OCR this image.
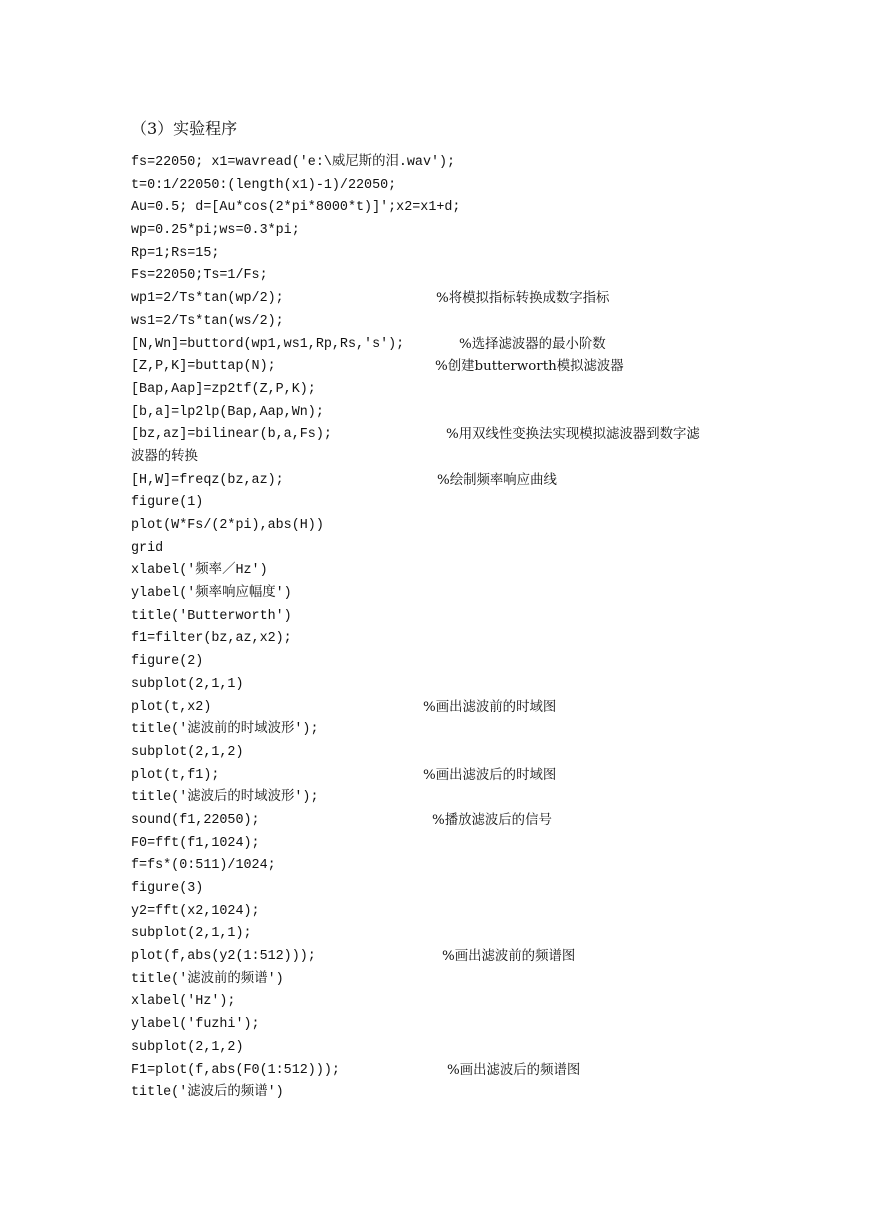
（3）实验程序
fs=22050; x1=wavread('e:\威尼斯的泪.wav');
t=0:1/22050:(length(x1)-1)/22050;
Au=0.5; d=[Au*cos(2*pi*8000*t)]';x2=x1+d;
wp=0.25*pi;ws=0.3*pi;
Rp=1;Rs=15;
Fs=22050;Ts=1/Fs;
wp1=2/Ts*tan(wp/2);	%将模拟指标转换成数字指标
ws1=2/Ts*tan(ws/2);
[N,Wn]=buttord(wp1,ws1,Rp,Rs,'s');	%选择滤波器的最小阶数
[Z,P,K]=buttap(N);	%创建butterworth模拟滤波器
[Bap,Aap]=zp2tf(Z,P,K);
[b,a]=lp2lp(Bap,Aap,Wn);
[bz,az]=bilinear(b,a,Fs);	%用双线性变换法实现模拟滤波器到数字滤
波器的转换
[H,W]=freqz(bz,az);	%绘制频率响应曲线
figure(1)
plot(W*Fs/(2*pi),abs(H))
grid
xlabel('频率／Hz')
ylabel('频率响应幅度')
title('Butterworth')
f1=filter(bz,az,x2);
figure(2)
subplot(2,1,1)
plot(t,x2)	%画出滤波前的时域图
title('滤波前的时域波形');
subplot(2,1,2)
plot(t,f1);	%画出滤波后的时域图
title('滤波后的时域波形');
sound(f1,22050);	%播放滤波后的信号
F0=fft(f1,1024);
f=fs*(0:511)/1024;
figure(3)
y2=fft(x2,1024);
subplot(2,1,1);
plot(f,abs(y2(1:512)));	%画出滤波前的频谱图
title('滤波前的频谱')
xlabel('Hz');
ylabel('fuzhi');
subplot(2,1,2)
F1=plot(f,abs(F0(1:512)));	%画出滤波后的频谱图
title('滤波后的频谱')
